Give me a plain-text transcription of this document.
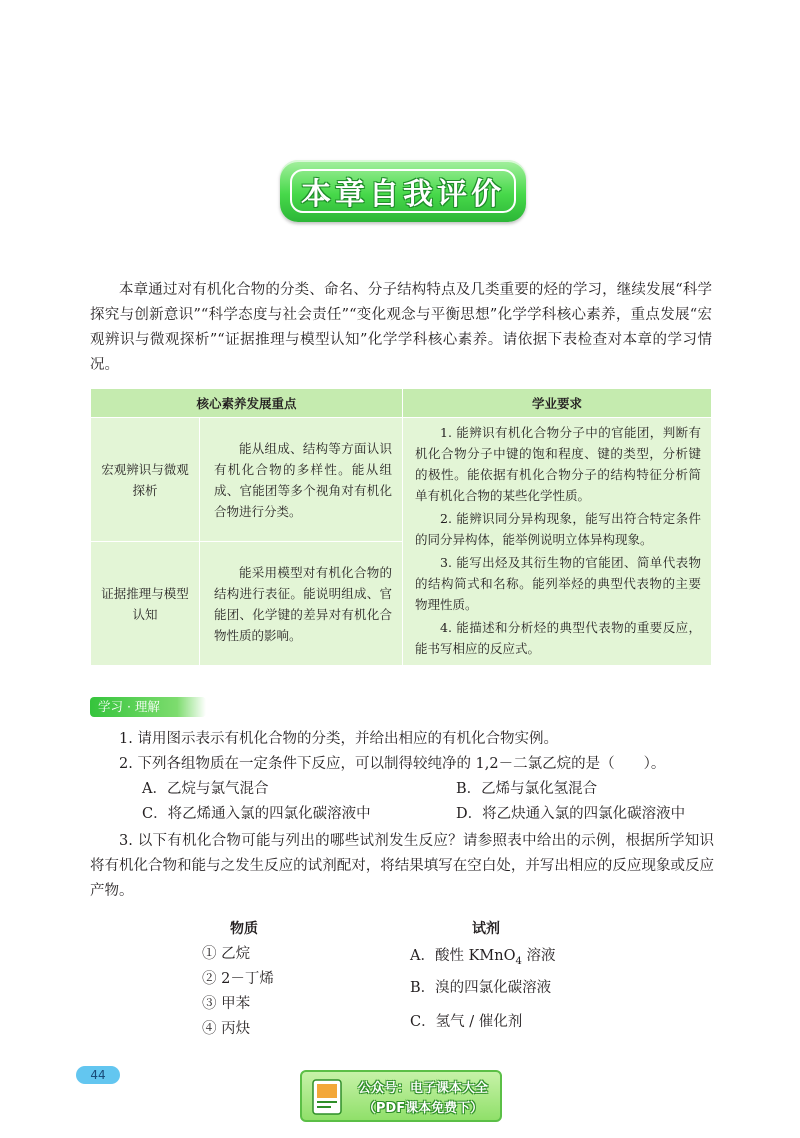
本章自我评价
本章通过对有机化合物的分类、命名、分子结构特点及几类重要的烃的学习，继续发展“科学探究与创新意识”“科学态度与社会责任”“变化观念与平衡思想”化学学科核心素养，重点发展“宏观辨识与微观探析”“证据推理与模型认知”化学学科核心素养。请依据下表检查对本章的学习情况。
核心素养发展重点		学业要求
宏观辨识与微观探析	能从组成、结构等方面认识有机化合物的多样性。能从组成、官能团等多个视角对有机化合物进行分类。	1. 能辨识有机化合物分子中的官能团，判断有机化合物分子中键的饱和程度、键的类型，分析键的极性。能依据有机化合物分子的结构特征分析简单有机化合物的某些化学性质。

2. 能辨识同分异构现象，能写出符合特定条件的同分异构体，能举例说明立体异构现象。

3. 能写出烃及其衍生物的官能团、简单代表物的结构简式和名称。能列举烃的典型代表物的主要物理性质。

4. 能描述和分析烃的典型代表物的重要反应，能书写相应的反应式。

证据推理与模型认知	能采用模型对有机化合物的结构进行表征。能说明组成、官能团、化学键的差异对有机化合物性质的影响。	
学习 · 理解
1. 请用图示表示有机化合物的分类，并给出相应的有机化合物实例。
2. 下列各组物质在一定条件下反应，可以制得较纯净的 1,2－二氯乙烷的是（　　）。
A．乙烷与氯气混合	B．乙烯与氯化氢混合
C．将乙烯通入氯的四氯化碳溶液中	D．将乙炔通入氯的四氯化碳溶液中
3. 以下有机化合物可能与列出的哪些试剂发生反应？请参照表中给出的示例，根据所学知识将有机化合物和能与之发生反应的试剂配对，将结果填写在空白处，并写出相应的反应现象或反应产物。
物质	试剂
① 乙烷
② 2－丁烯
③ 甲苯
④ 丙炔
A．酸性 KMnO$_4$ 溶液
B．溴的四氯化碳溶液
C．氢气 / 催化剂
44
公众号：电子课本大全
（PDF课本免费下）
